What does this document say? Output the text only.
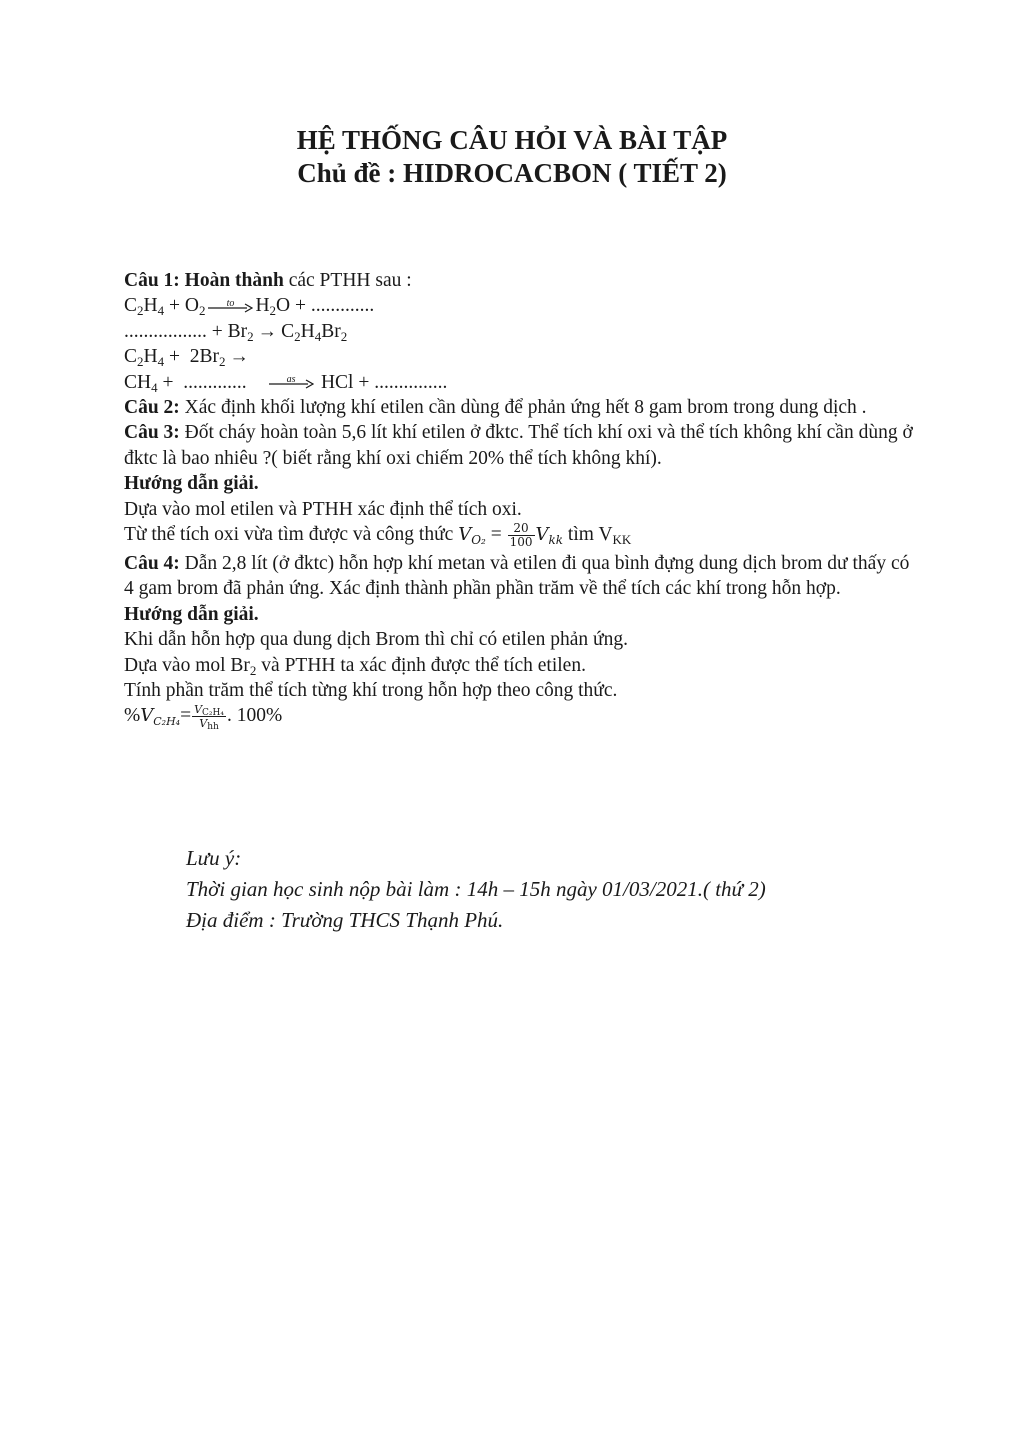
HỆ THỐNG CÂU HỎI VÀ BÀI TẬP
Chủ đề : HIDROCACBON ( TIẾT 2)
Câu 1: Hoàn thành các PTHH sau :
$C_2H_4 + O_2$	to	$H_2O$ + .............
................. + $Br_2 \to C_2H_4Br_2$
$C_2H_4 + 2Br_2$ →
$CH_4$ +  .............	as	HCl + ...............
Câu 2: Xác định khối lượng khí etilen cần dùng để phản ứng hết 8 gam brom trong dung dịch .
Câu 3: Đốt cháy hoàn toàn 5,6 lít khí etilen ở đktc. Thể tích khí oxi và thể tích không khí cần dùng ở đktc là bao nhiêu ?( biết rằng khí oxi chiếm 20% thể tích không khí).
Hướng dẫn giải.
Dựa vào mol etilen và PTHH xác định thể tích oxi.
Từ thể tích oxi vừa tìm được và công thức $V_{O_2} = \frac{20}{100} V_{kk}$ tìm $V_{KK}$
Câu 4: Dẫn 2,8 lít (ở đktc) hỗn hợp khí metan và etilen đi qua bình đựng dung dịch brom dư thấy có 4 gam brom đã phản ứng. Xác định thành phần phần trăm về thể tích các khí trong hỗn hợp.
Hướng dẫn giải.
Khi dẫn hỗn hợp qua dung dịch Brom thì chỉ có etilen phản ứng.
Dựa vào mol $Br_2$ và PTHH ta xác định được thể tích etilen.
Tính phần trăm thể tích từng khí trong hỗn hợp theo công thức.
$\%V_{C_2H_4}= \frac{V_{C_2H_4}}{V_{hh}}$ . 100%
Lưu ý:
Thời gian học sinh nộp bài làm : 14h – 15h ngày 01/03/2021.( thứ 2)
Địa điểm : Trường THCS Thạnh Phú.
